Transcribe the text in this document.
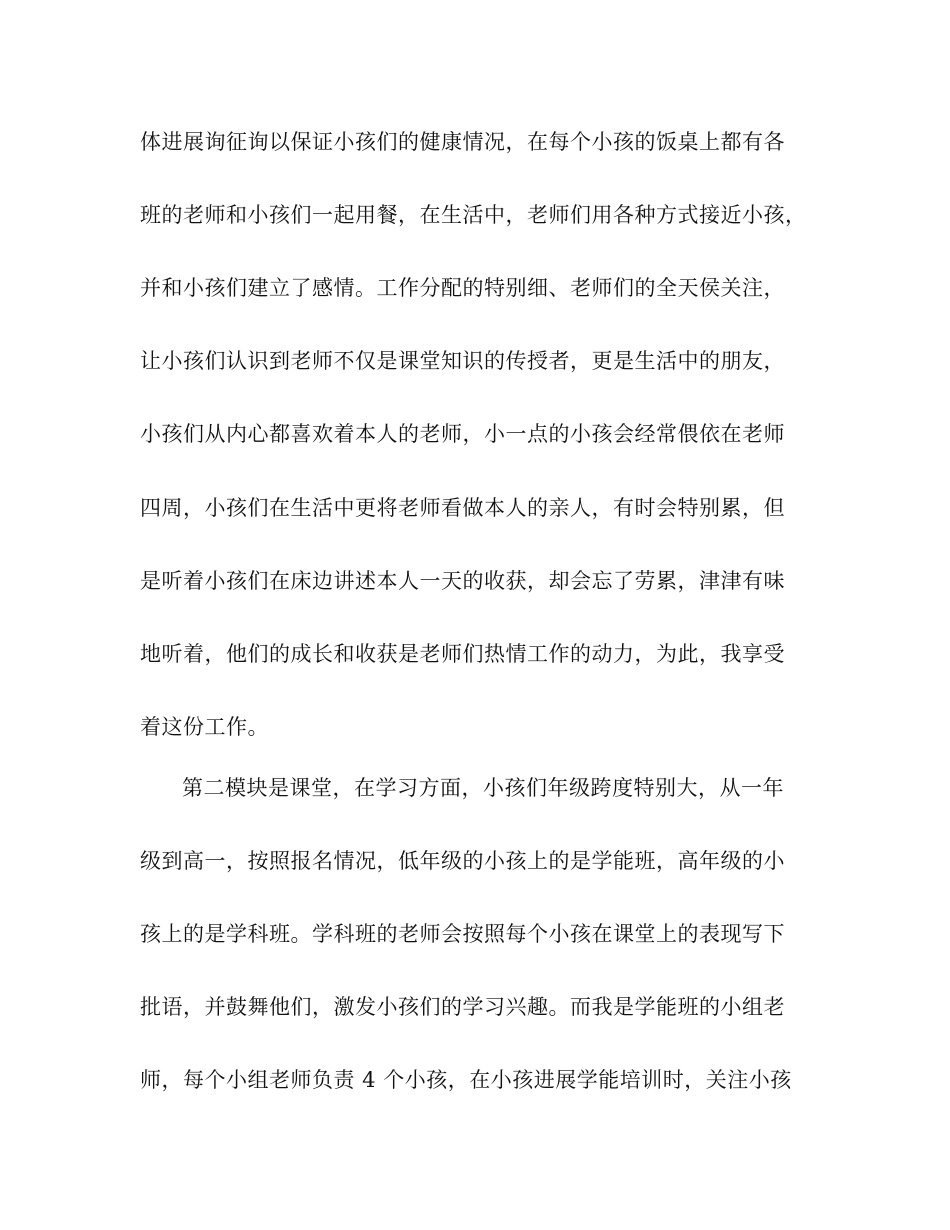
体进展询征询以保证小孩们的健康情况，在每个小孩的饭桌上都有各
班的老师和小孩们一起用餐，在生活中，老师们用各种方式接近小孩，
并和小孩们建立了感情。工作分配的特别细、老师们的全天侯关注，
让小孩们认识到老师不仅是课堂知识的传授者，更是生活中的朋友，
小孩们从内心都喜欢着本人的老师，小一点的小孩会经常偎依在老师
四周，小孩们在生活中更将老师看做本人的亲人，有时会特别累，但
是听着小孩们在床边讲述本人一天的收获，却会忘了劳累，津津有味
地听着，他们的成长和收获是老师们热情工作的动力，为此，我享受
着这份工作。
第二模块是课堂，在学习方面，小孩们年级跨度特别大，从一年
级到高一，按照报名情况，低年级的小孩上的是学能班，高年级的小
孩上的是学科班。学科班的老师会按照每个小孩在课堂上的表现写下
批语，并鼓舞他们，激发小孩们的学习兴趣。而我是学能班的小组老
师，每个小组老师负责 4 个小孩，在小孩进展学能培训时，关注小孩
